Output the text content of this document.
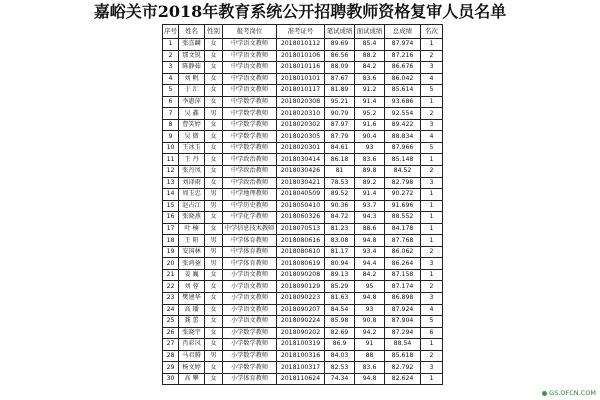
嘉峪关市2018年教育系统公开招聘教师资格复审人员名单
序号	姓名	性别	报考岗位	准考证号	笔试成绩	面试成绩	总成绩	名次
1	张喜麟	女	中学语文教师	2018010112	89.69	85.4	87.974	1
2	那文锐	女	中学语文教师	2018010106	86.56	88.2	87.216	2
3	陈静茹	女	中学语文教师	2018010116	88.09	84.2	86.676	3
4	刘 帆	女	中学语文教师	2018010101	87.67	83.6	86.042	4
5	于 汇	女	中学语文教师	2018010117	81.89	91.2	85.614	5
6	李惠萍	女	中学数学教师	2018020308	95.21	91.4	93.686	1
7	吴 鑫	男	中学数学教师	2018020310	90.79	95.2	92.554	2
8	曹笑婷	女	中学数学教师	2018020302	87.97	91.6	89.422	3
9	吴 微	女	中学数学教师	2018020305	87.79	90.4	88.834	4
10	王冰玉	女	中学数学教师	2018020301	84.61	93	87.966	5
11	王 丹	女	中学政治教师	2018030414	86.18	83.6	85.148	1
12	张丹凤	女	中学政治教师	2018030426	81	89.8	84.52	2
13	刘译雨	女	中学政治教师	2018030421	78.53	89.2	82.798	3
14	周玉忠	男	中学地理教师	2018040509	89.52	91.4	90.272	1
15	赵占江	男	中学历史教师	2018050410	90.36	93.7	91.696	1
16	张晓燕	女	中学化学教师	2018060326	84.72	94.3	88.552	1
17	叶 楠	女	中学信息技术教师	2018070513	81.23	88.6	84.178	1
18	王 阳	男	中学体育教师	2018080616	83.08	94.8	87.768	1
19	安国林	男	中学体育教师	2018080610	81.17	93.4	86.062	2
20	张鸿蓥	男	中学体育教师	2018080619	80.94	94.4	86.264	3
21	姜 巍	女	小学语文教师	2018090208	89.13	84.2	87.158	1
22	刘 蓉	女	小学语文教师	2018090129	85.29	95	87.174	2
23	樊建华	女	小学语文教师	2018090223	81.63	94.8	86.898	3
24	高 璠	女	小学语文教师	2018090207	84.54	93	87.924	4
25	龚 蕾	女	小学语文教师	2018090224	85.98	90.8	87.904	5
26	张晓宇	女	小学数学教师	2018090202	82.69	94.2	87.294	6
27	肖彩风	女	小学数学教师	2018100319	86.9	91	88.54	1
28	马君腾	男	小学数学教师	2018100316	84.03	88	85.618	2
29	杨文婷	女	小学数学教师	2018100317	82.53	83.6	82.792	3
30	高 攀	女	小学体育教师	2018110624	74.34	94.8	82.624	1
GS.OFCN.COM
